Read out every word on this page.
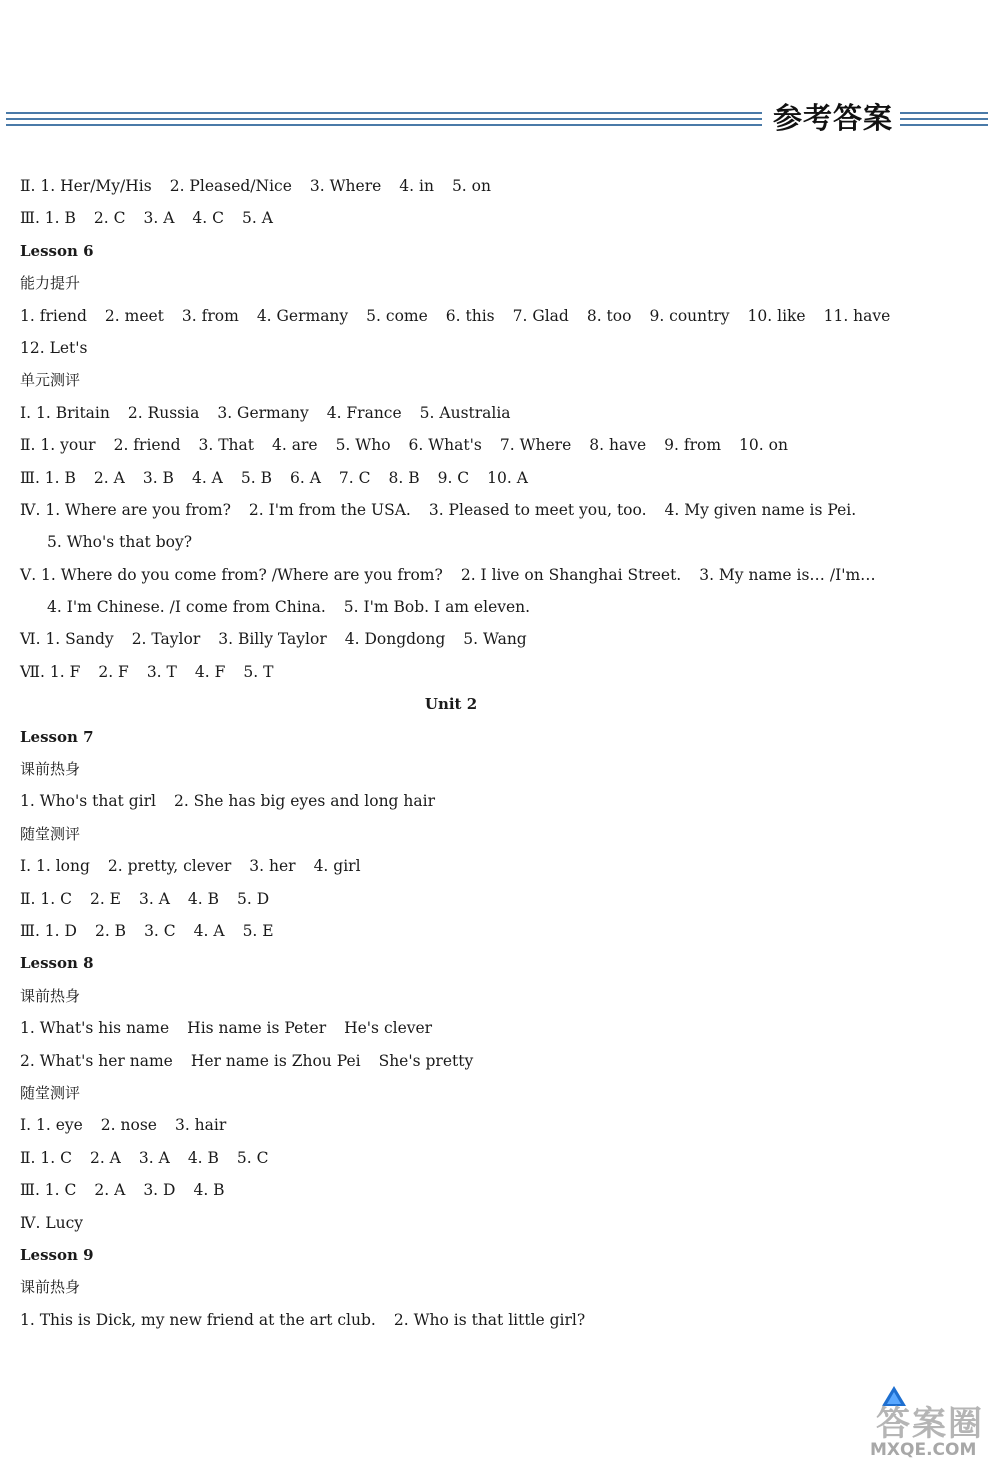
参考答案
Ⅱ. 1. Her/My/His 2. Pleased/Nice 3. Where 4. in 5. on
Ⅲ. 1. B 2. C 3. A 4. C 5. A
Lesson 6
能力提升
1. friend 2. meet 3. from 4. Germany 5. come 6. this 7. Glad 8. too 9. country 10. like 11. have
12. Let's
单元测评
Ⅰ. 1. Britain 2. Russia 3. Germany 4. France 5. Australia
Ⅱ. 1. your 2. friend 3. That 4. are 5. Who 6. What's 7. Where 8. have 9. from 10. on
Ⅲ. 1. B 2. A 3. B 4. A 5. B 6. A 7. C 8. B 9. C 10. A
Ⅳ. 1. Where are you from? 2. I'm from the USA. 3. Pleased to meet you, too. 4. My given name is Pei.
5. Who's that boy?
Ⅴ. 1. Where do you come from? /Where are you from? 2. I live on Shanghai Street. 3. My name is… /I'm…
4. I'm Chinese. /I come from China. 5. I'm Bob. I am eleven.
Ⅵ. 1. Sandy 2. Taylor 3. Billy Taylor 4. Dongdong 5. Wang
Ⅶ. 1. F 2. F 3. T 4. F 5. T
Unit 2
Lesson 7
课前热身
1. Who's that girl 2. She has big eyes and long hair
随堂测评
Ⅰ. 1. long 2. pretty, clever 3. her 4. girl
Ⅱ. 1. C 2. E 3. A 4. B 5. D
Ⅲ. 1. D 2. B 3. C 4. A 5. E
Lesson 8
课前热身
1. What's his name His name is Peter He's clever
2. What's her name Her name is Zhou Pei She's pretty
随堂测评
Ⅰ. 1. eye 2. nose 3. hair
Ⅱ. 1. C 2. A 3. A 4. B 5. C
Ⅲ. 1. C 2. A 3. D 4. B
Ⅳ. Lucy
Lesson 9
课前热身
1. This is Dick, my new friend at the art club. 2. Who is that little girl?
答案圈
MXQE.COM
